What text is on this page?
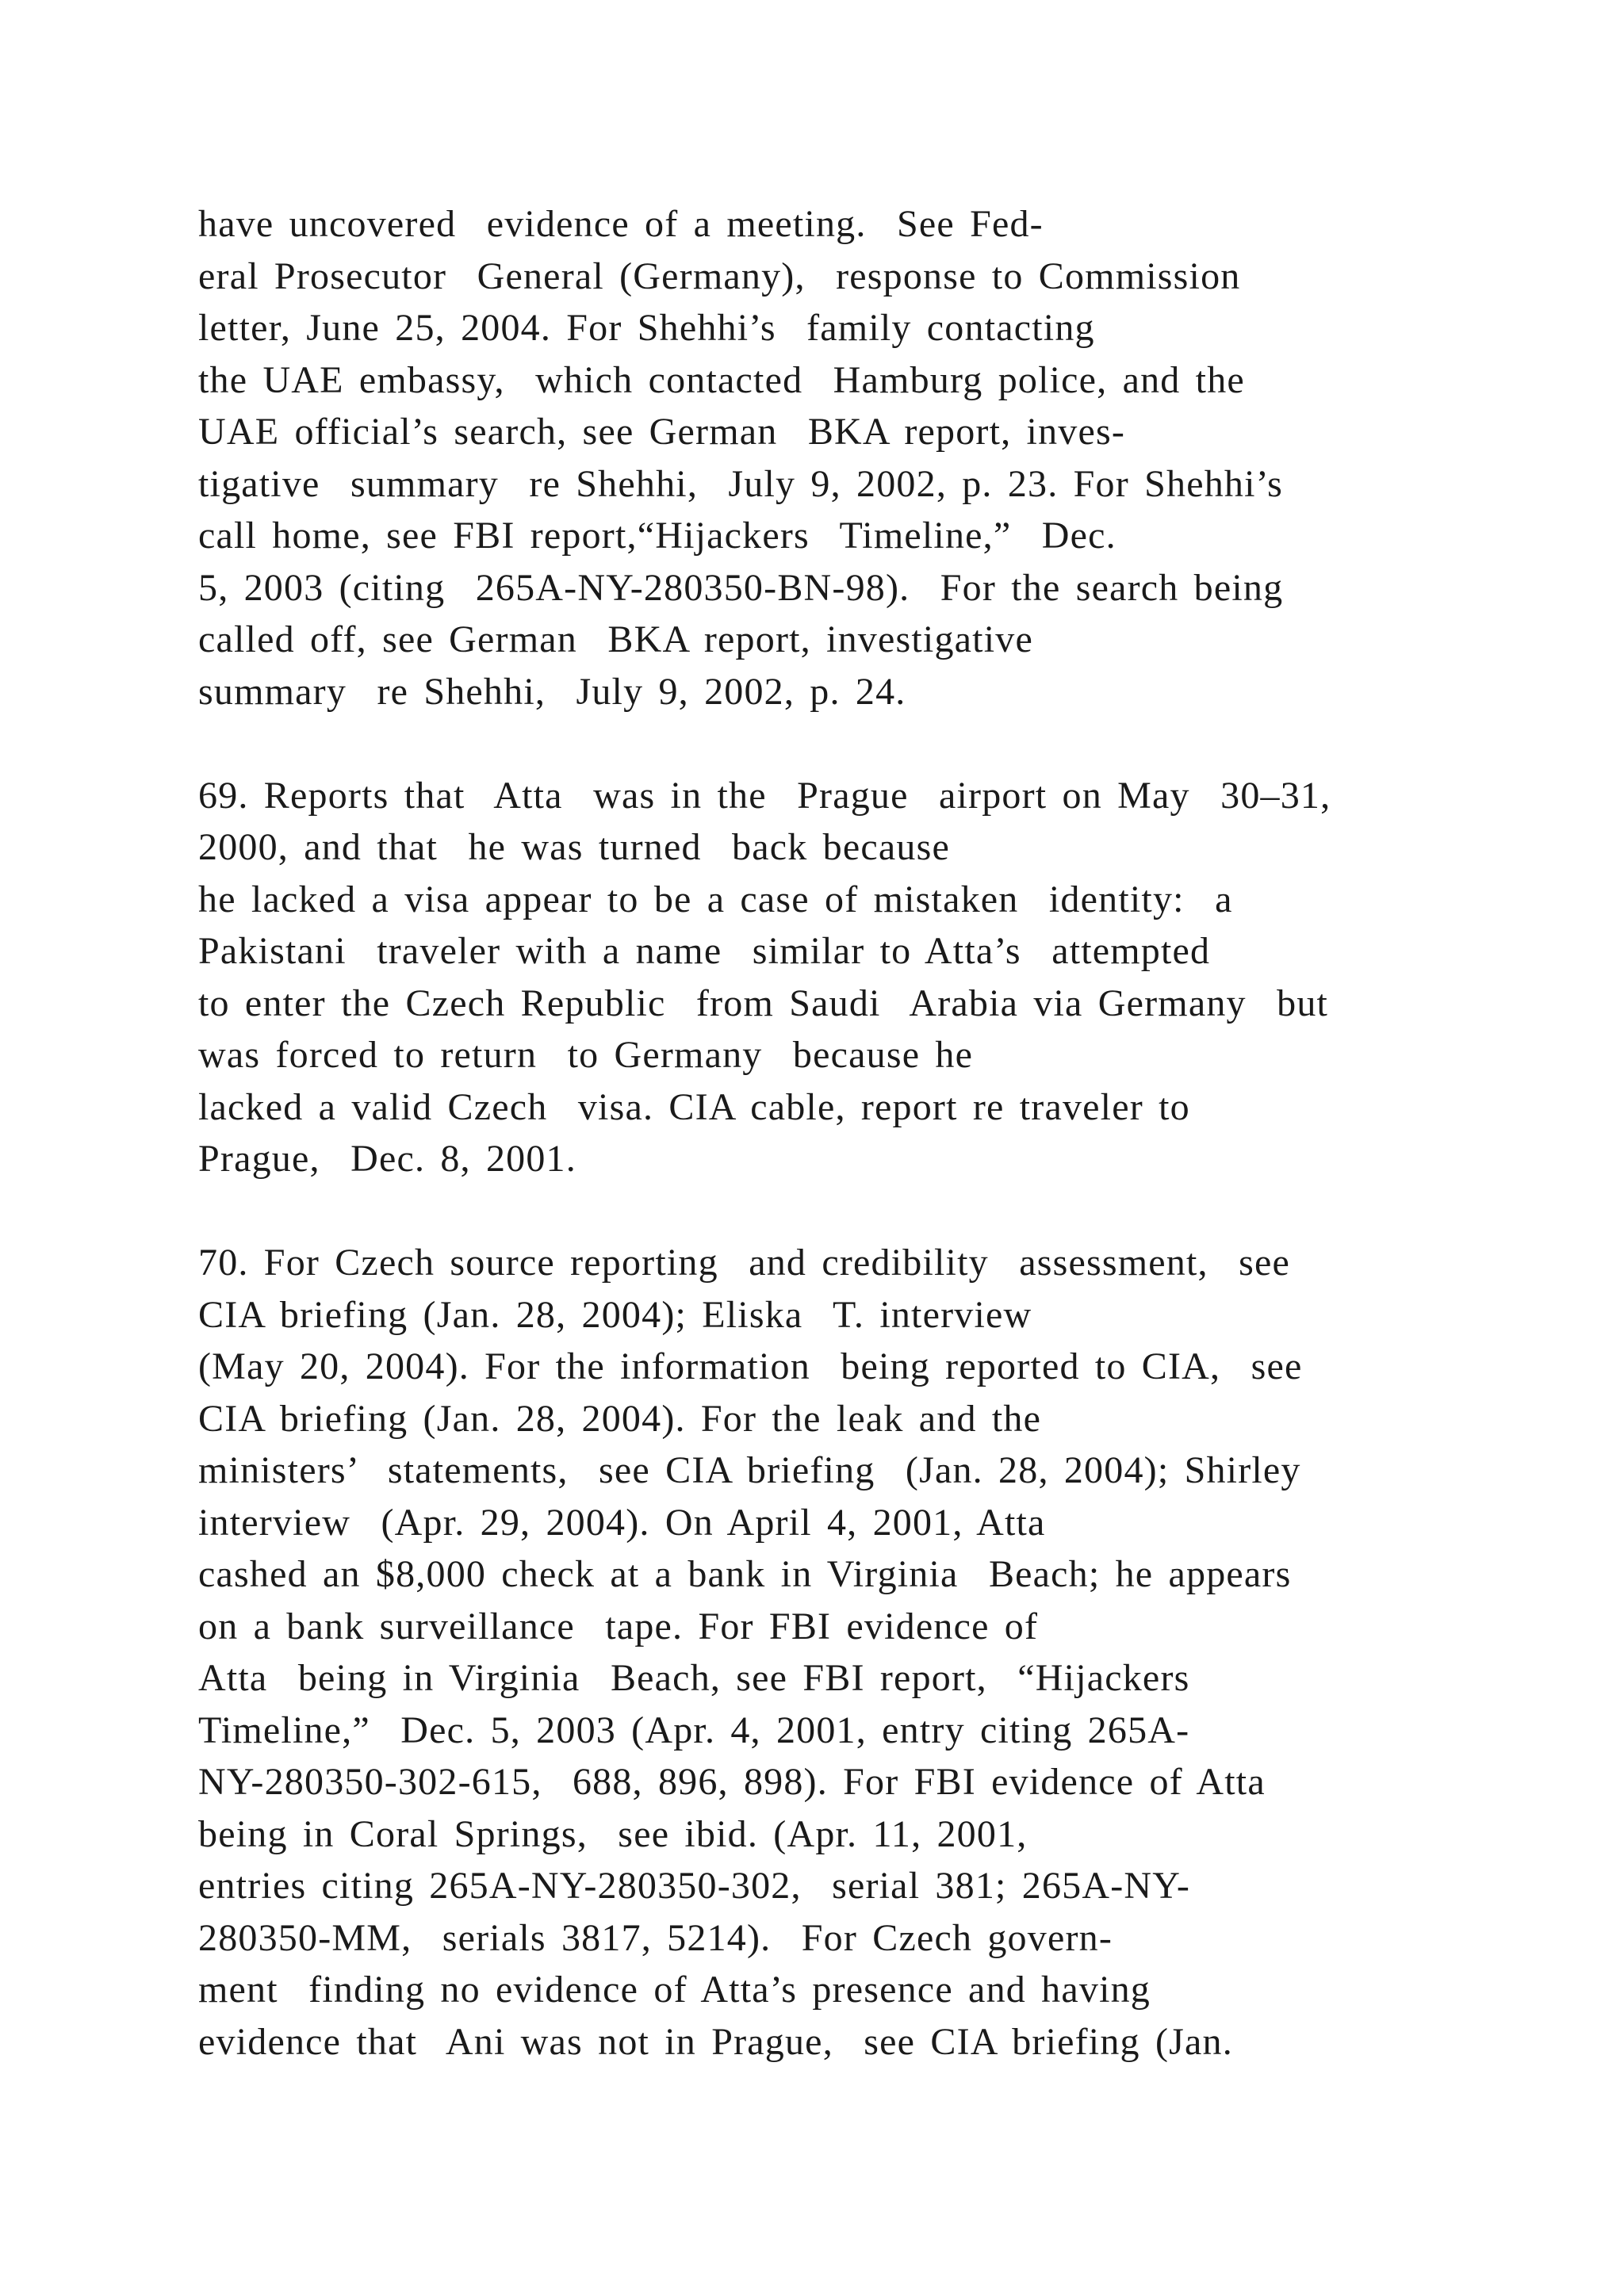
have uncovered  evidence of a meeting.  See Fed-
eral Prosecutor  General (Germany),  response to Commission
letter, June 25, 2004. For Shehhi’s  family contacting
the UAE embassy,  which contacted  Hamburg police, and the
UAE official’s search, see German  BKA report, inves-
tigative  summary  re Shehhi,  July 9, 2002, p. 23. For Shehhi’s
call home, see FBI report,“Hijackers  Timeline,”  Dec.
5, 2003 (citing  265A-NY-280350-BN-98).  For the search being
called off, see German  BKA report, investigative
summary  re Shehhi,  July 9, 2002, p. 24.
69. Reports that  Atta  was in the  Prague  airport on May  30–31,
2000, and that  he was turned  back because
he lacked a visa appear to be a case of mistaken  identity:  a
Pakistani  traveler with a name  similar to Atta’s  attempted
to enter the Czech Republic  from Saudi  Arabia via Germany  but
was forced to return  to Germany  because he
lacked a valid Czech  visa. CIA cable, report re traveler to
Prague,  Dec. 8, 2001.
70. For Czech source reporting  and credibility  assessment,  see
CIA briefing (Jan. 28, 2004); Eliska  T. interview
(May 20, 2004). For the information  being reported to CIA,  see
CIA briefing (Jan. 28, 2004). For the leak and the
ministers’  statements,  see CIA briefing  (Jan. 28, 2004); Shirley
interview  (Apr. 29, 2004). On April 4, 2001, Atta
cashed an $8,000 check at a bank in Virginia  Beach; he appears
on a bank surveillance  tape. For FBI evidence of
Atta  being in Virginia  Beach, see FBI report,  “Hijackers
Timeline,”  Dec. 5, 2003 (Apr. 4, 2001, entry citing 265A-
NY-280350-302-615,  688, 896, 898). For FBI evidence of Atta
being in Coral Springs,  see ibid. (Apr. 11, 2001,
entries citing 265A-NY-280350-302,  serial 381; 265A-NY-
280350-MM,  serials 3817, 5214).  For Czech govern-
ment  finding no evidence of Atta’s presence and having
evidence that  Ani was not in Prague,  see CIA briefing (Jan.
